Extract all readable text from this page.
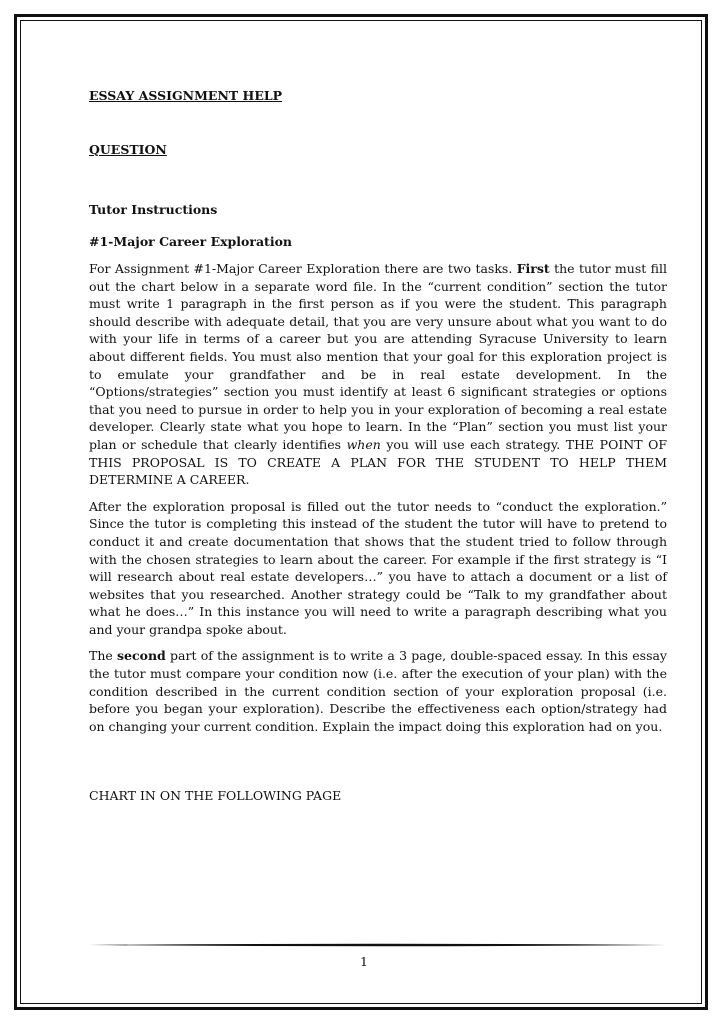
ESSAY ASSIGNMENT HELP

QUESTION

Tutor Instructions

#1-Major Career Exploration

For Assignment #1-Major Career Exploration there are two tasks. First the tutor must fill out the chart below in a separate word file. In the “current condition” section the tutor must write 1 paragraph in the first person as if you were the student. This paragraph should describe with adequate detail, that you are very unsure about what you want to do with your life in terms of a career but you are attending Syracuse University to learn about different fields. You must also mention that your goal for this exploration project is to emulate your grandfather and be in real estate development. In the “Options/strategies” section you must identify at least 6 significant strategies or options that you need to pursue in order to help you in your exploration of becoming a real estate developer. Clearly state what you hope to learn. In the “Plan” section you must list your plan or schedule that clearly identifies when you will use each strategy. THE POINT OF THIS PROPOSAL IS TO CREATE A PLAN FOR THE STUDENT TO HELP THEM DETERMINE A CAREER.

After the exploration proposal is filled out the tutor needs to “conduct the exploration.” Since the tutor is completing this instead of the student the tutor will have to pretend to conduct it and create documentation that shows that the student tried to follow through with the chosen strategies to learn about the career. For example if the first strategy is “I will research about real estate developers…” you have to attach a document or a list of websites that you researched. Another strategy could be “Talk to my grandfather about what he does…” In this instance you will need to write a paragraph describing what you and your grandpa spoke about.

The second part of the assignment is to write a 3 page, double-spaced essay. In this essay the tutor must compare your condition now (i.e. after the execution of your plan) with the condition described in the current condition section of your exploration proposal (i.e. before you began your exploration). Describe the effectiveness each option/strategy had on changing your current condition. Explain the impact doing this exploration had on you.

CHART IN ON THE FOLLOWING PAGE

1
